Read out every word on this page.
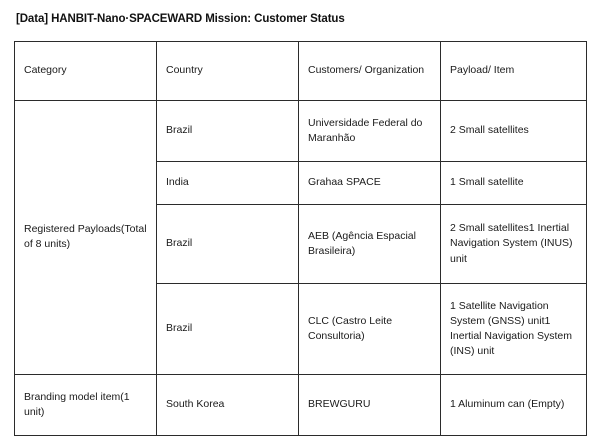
[Data] HANBIT-Nano·SPACEWARD Mission: Customer Status
Category	Country	Customers/ Organization	Payload/ Item
Registered Payloads(Total of 8 units)	Brazil	Universidade Federal do Maranhão	2 Small satellites
	India	Grahaa SPACE	1 Small satellite
	Brazil	AEB (Agência Espacial Brasileira)	2 Small satellites1 Inertial Navigation System (INUS) unit
	Brazil	CLC (Castro Leite Consultoria)	1 Satellite Navigation System (GNSS) unit1 Inertial Navigation System (INS) unit
Branding model item(1 unit)	South Korea	BREWGURU	1 Aluminum can (Empty)
